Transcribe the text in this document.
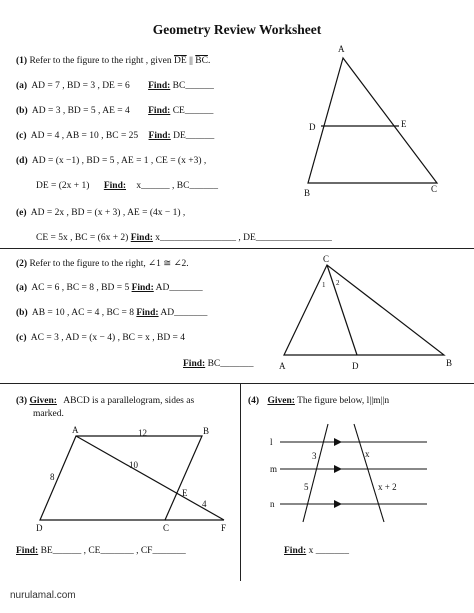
Geometry Review Worksheet
(1) Refer to the figure to the right , given $\overline{DE}$ || $\overline{BC}$.
(a) AD = 7 , BD = 3 , DE = 6 Find: BC______
(b) AD = 3 , BD = 5 , AE = 4 Find: CE______
(c) AD = 4 , AB = 10 , BC = 25 Find: DE______
(d) AD = (x −1) , BD = 5 , AE = 1 , CE = (x +3) ,
DE = (2x + 1) Find: x______ , BC______
(e) AD = 2x , BD = (x + 3) , AE = (4x − 1) ,
CE = 5x , BC = (6x + 2) Find: x________________ , DE________________
A
B	C
D	E
(2) Refer to the figure to the right, ∠1 ≅ ∠2.
(a) AC = 6 , BC = 8 , BD = 5 Find: AD_______
(b) AB = 10 , AC = 4 , BC = 8 Find: AD_______
(c) AC = 3 , AD = (x − 4) , BC = x , BD = 4
Find: BC_______
C
A	D	B
1 2
(3) Given: ABCD is a parallelogram, sides as
marked.
A	B
C
D
E
F
12
10
8
4
Find: BE______ , CE_______ , CF_______
(4) Given: The figure below, l||m||n
l
m
n
3
5
x
x + 2
Find: x _______
nurulamal.com
